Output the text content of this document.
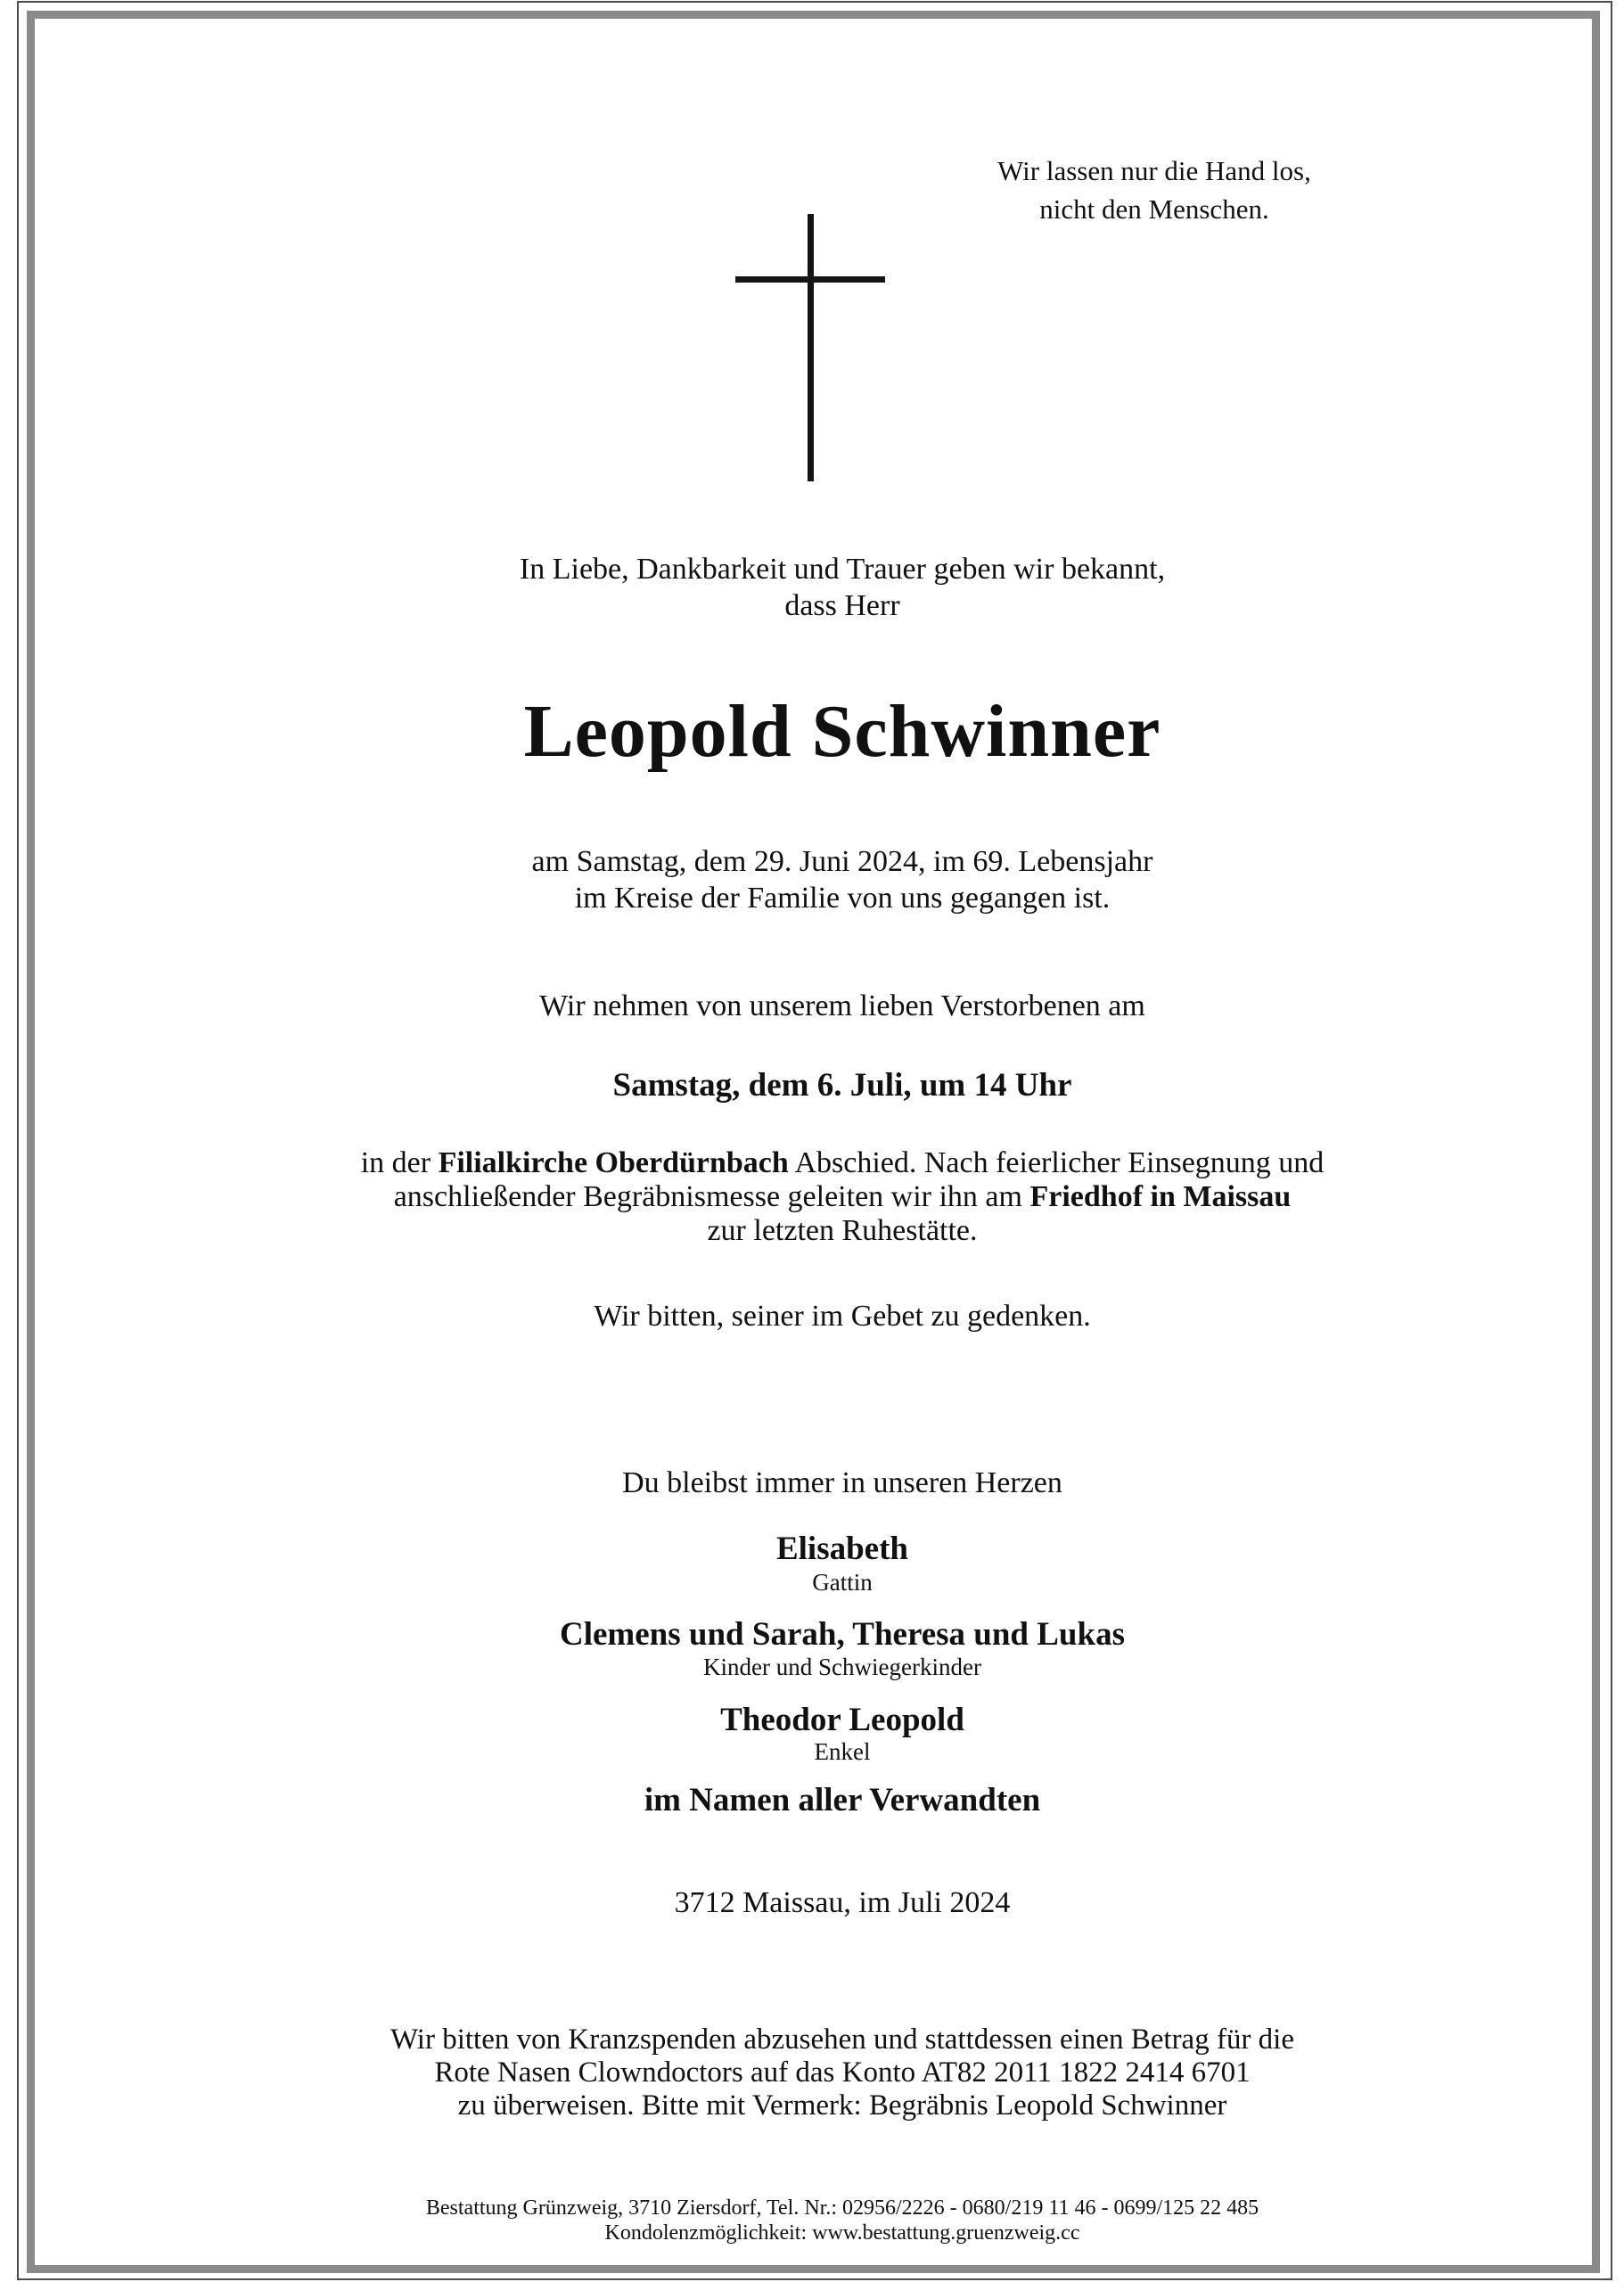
Wir lassen nur die Hand los,
nicht den Menschen.
In Liebe, Dankbarkeit und Trauer geben wir bekannt,
dass Herr
Leopold Schwinner
am Samstag, dem 29. Juni 2024, im 69. Lebensjahr
im Kreise der Familie von uns gegangen ist.
Wir nehmen von unserem lieben Verstorbenen am
Samstag, dem 6. Juli, um 14 Uhr
in der Filialkirche Oberdürnbach Abschied. Nach feierlicher Einsegnung und
anschließender Begräbnismesse geleiten wir ihn am Friedhof in Maissau
zur letzten Ruhestätte.
Wir bitten, seiner im Gebet zu gedenken.
Du bleibst immer in unseren Herzen
Elisabeth
Gattin
Clemens und Sarah, Theresa und Lukas
Kinder und Schwiegerkinder
Theodor Leopold
Enkel
im Namen aller Verwandten
3712 Maissau, im Juli 2024
Wir bitten von Kranzspenden abzusehen und stattdessen einen Betrag für die
Rote Nasen Clowndoctors auf das Konto AT82 2011 1822 2414 6701
zu überweisen. Bitte mit Vermerk: Begräbnis Leopold Schwinner
Bestattung Grünzweig, 3710 Ziersdorf, Tel. Nr.: 02956/2226 - 0680/219 11 46 - 0699/125 22 485
Kondolenzmöglichkeit: www.bestattung.gruenzweig.cc
